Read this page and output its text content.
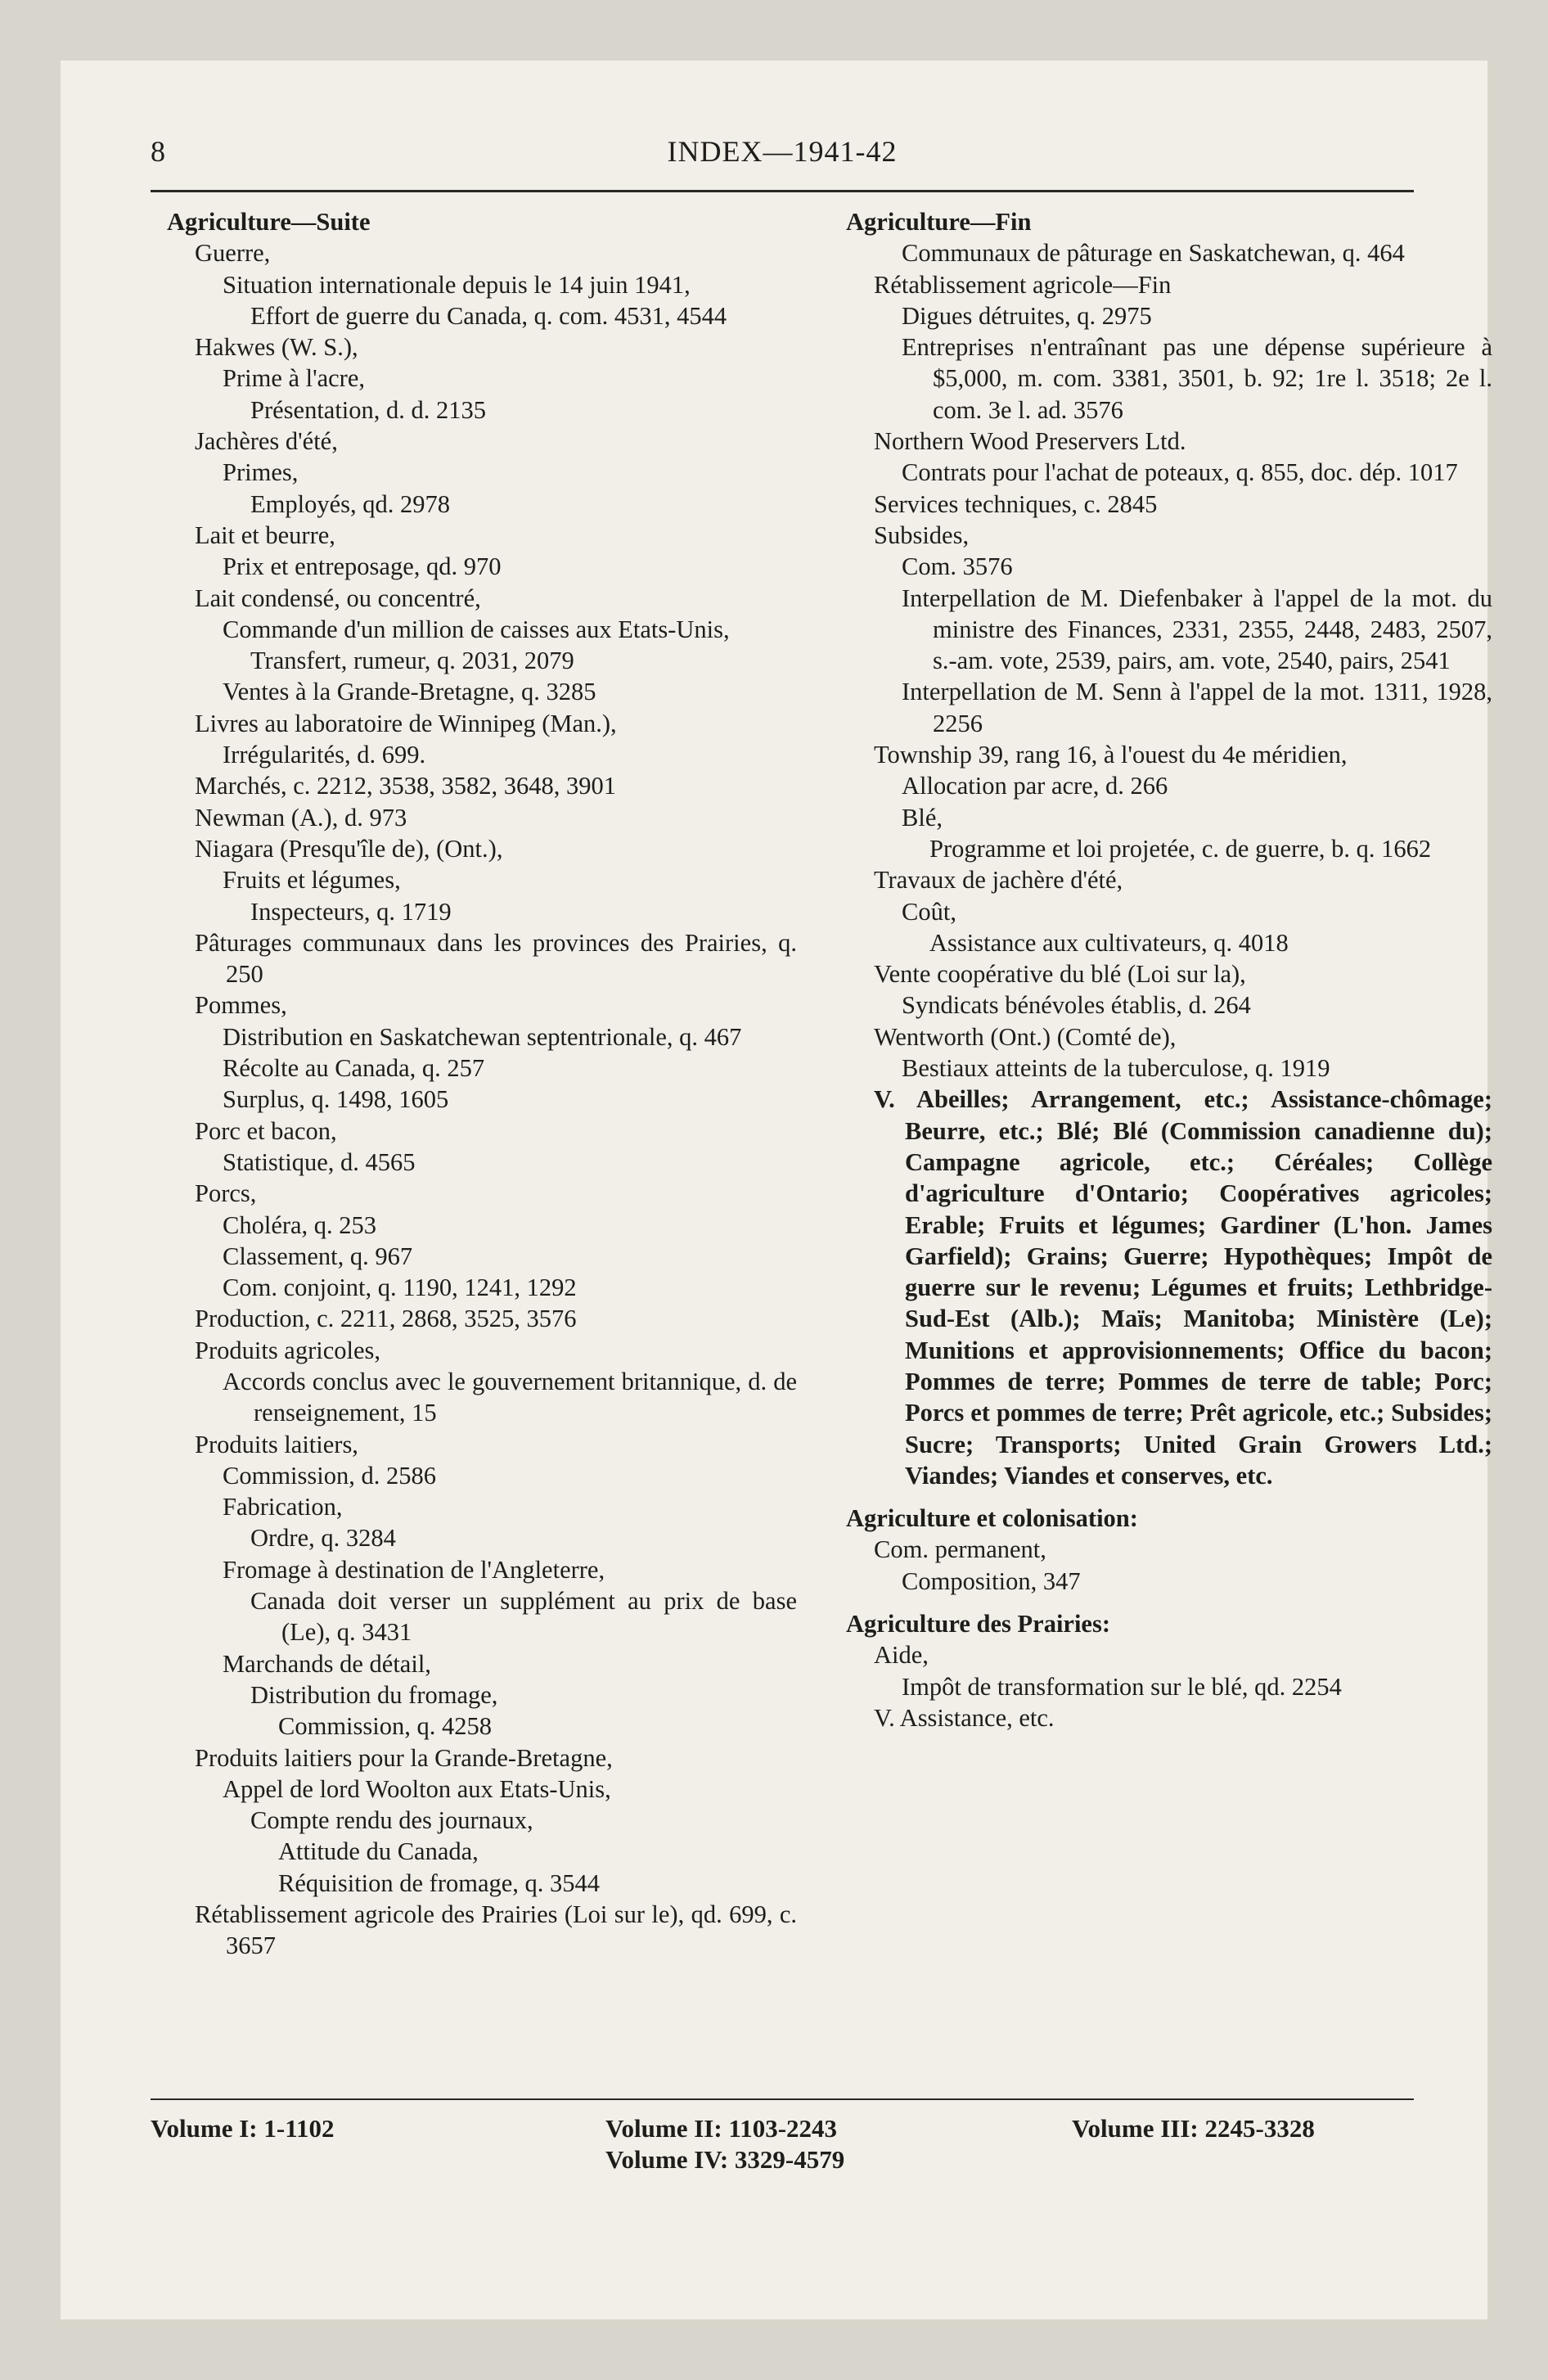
8	INDEX—1941-42
Agriculture—Suite
Guerre,
Situation internationale depuis le 14 juin 1941,
Effort de guerre du Canada, q. com. 4531, 4544
Hakwes (W. S.),
Prime à l'acre,
Présentation, d. d. 2135
Jachères d'été,
Primes,
Employés, qd. 2978
Lait et beurre,
Prix et entreposage, qd. 970
Lait condensé, ou concentré,
Commande d'un million de caisses aux Etats-Unis,
Transfert, rumeur, q. 2031, 2079
Ventes à la Grande-Bretagne, q. 3285
Livres au laboratoire de Winnipeg (Man.),
Irrégularités, d. 699.
Marchés, c. 2212, 3538, 3582, 3648, 3901
Newman (A.), d. 973
Niagara (Presqu'île de), (Ont.),
Fruits et légumes,
Inspecteurs, q. 1719
Pâturages communaux dans les provinces des Prairies, q. 250
Pommes,
Distribution en Saskatchewan septentrionale, q. 467
Récolte au Canada, q. 257
Surplus, q. 1498, 1605
Porc et bacon,
Statistique, d. 4565
Porcs,
Choléra, q. 253
Classement, q. 967
Com. conjoint, q. 1190, 1241, 1292
Production, c. 2211, 2868, 3525, 3576
Produits agricoles,
Accords conclus avec le gouvernement britannique, d. de renseignement, 15
Produits laitiers,
Commission, d. 2586
Fabrication,
Ordre, q. 3284
Fromage à destination de l'Angleterre,
Canada doit verser un supplément au prix de base (Le), q. 3431
Marchands de détail,
Distribution du fromage,
Commission, q. 4258
Produits laitiers pour la Grande-Bretagne,
Appel de lord Woolton aux Etats-Unis,
Compte rendu des journaux,
Attitude du Canada,
Réquisition de fromage, q. 3544
Rétablissement agricole des Prairies (Loi sur le), qd. 699, c. 3657
Agriculture—Fin
Communaux de pâturage en Saskatchewan, q. 464
Rétablissement agricole—Fin
Digues détruites, q. 2975
Entreprises n'entraînant pas une dépense supérieure à $5,000, m. com. 3381, 3501, b. 92; 1re l. 3518; 2e l. com. 3e l. ad. 3576
Northern Wood Preservers Ltd.
Contrats pour l'achat de poteaux, q. 855, doc. dép. 1017
Services techniques, c. 2845
Subsides,
Com. 3576
Interpellation de M. Diefenbaker à l'appel de la mot. du ministre des Finances, 2331, 2355, 2448, 2483, 2507, s.-am. vote, 2539, pairs, am. vote, 2540, pairs, 2541
Interpellation de M. Senn à l'appel de la mot. 1311, 1928, 2256
Township 39, rang 16, à l'ouest du 4e méridien,
Allocation par acre, d. 266
Blé,
Programme et loi projetée, c. de guerre, b. q. 1662
Travaux de jachère d'été,
Coût,
Assistance aux cultivateurs, q. 4018
Vente coopérative du blé (Loi sur la),
Syndicats bénévoles établis, d. 264
Wentworth (Ont.) (Comté de),
Bestiaux atteints de la tuberculose, q. 1919
V. Abeilles; Arrangement, etc.; Assistance-chômage; Beurre, etc.; Blé; Blé (Commission canadienne du); Campagne agricole, etc.; Céréales; Collège d'agriculture d'Ontario; Coopératives agricoles; Erable; Fruits et légumes; Gardiner (L'hon. James Garfield); Grains; Guerre; Hypothèques; Impôt de guerre sur le revenu; Légumes et fruits; Lethbridge-Sud-Est (Alb.); Maïs; Manitoba; Ministère (Le); Munitions et approvisionnements; Office du bacon; Pommes de terre; Pommes de terre de table; Porc; Porcs et pommes de terre; Prêt agricole, etc.; Subsides; Sucre; Transports; United Grain Growers Ltd.; Viandes; Viandes et conserves, etc.
Agriculture et colonisation:
Com. permanent,
Composition, 347
Agriculture des Prairies:
Aide,
Impôt de transformation sur le blé, qd. 2254
V. Assistance, etc.
Volume I: 1-1102	Volume II: 1103-2243
Volume IV: 3329-4579
Volume III: 2245-3328
